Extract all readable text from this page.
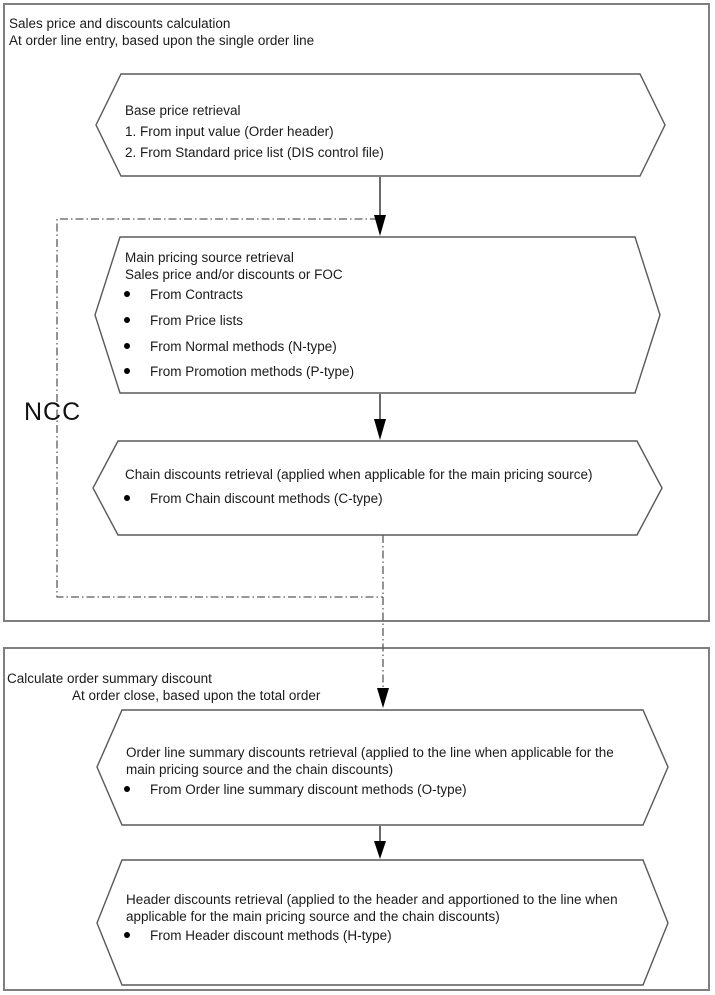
Sales price and discounts calculation
At order line entry, based upon the single order line
Base price retrieval
1. From input value (Order header)
2. From Standard price list (DIS control file)
Main pricing source retrieval
Sales price and/or discounts or FOC
From Contracts
From Price lists
From Normal methods (N-type)
From Promotion methods (P-type)
NCC
Chain discounts retrieval (applied when applicable for the main pricing source)
From Chain discount methods (C-type)
Calculate order summary discount
At order close, based upon the total order
Order line summary discounts retrieval (applied to the line when applicable for the
main pricing source and the chain discounts)
From Order line summary discount methods (O-type)
Header discounts retrieval (applied to the header and apportioned to the line when
applicable for the main pricing source and the chain discounts)
From Header discount methods (H-type)
